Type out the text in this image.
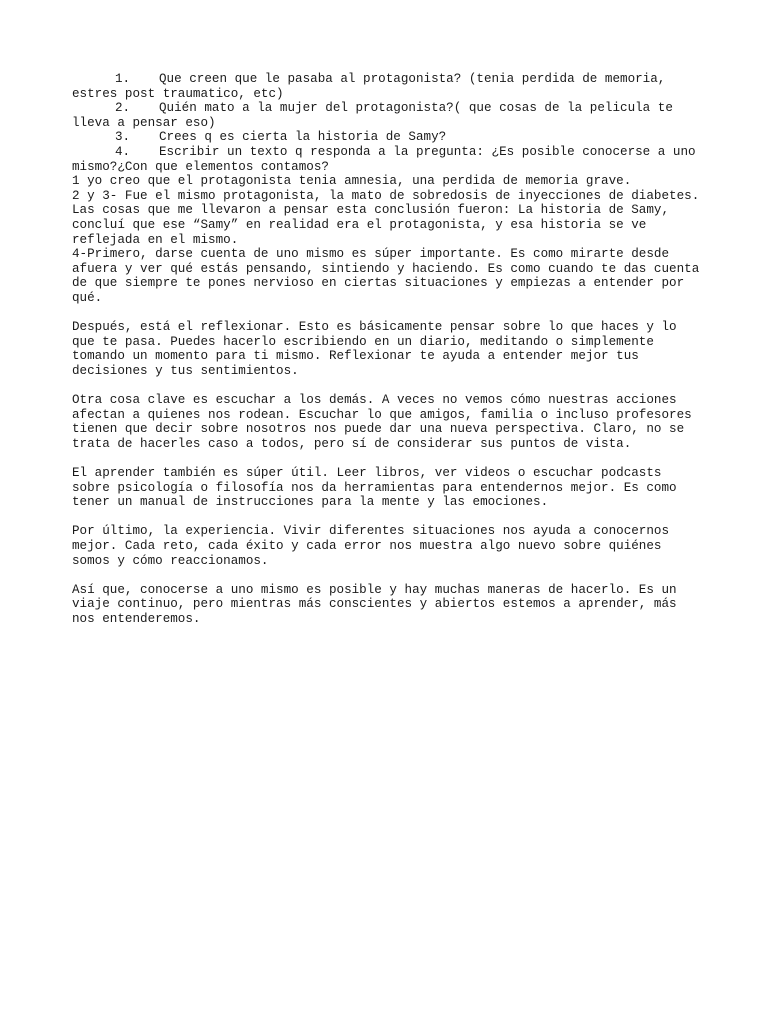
1. Que creen que le pasaba al protagonista? (tenia perdida de memoria,
estres post traumatico, etc)
2. Quién mato a la mujer del protagonista?( que cosas de la pelicula te
lleva a pensar eso)
3. Crees q es cierta la historia de Samy?
4. Escribir un texto q responda a la pregunta: ¿Es posible conocerse a uno
mismo?¿Con que elementos contamos?
1 yo creo que el protagonista tenia amnesia, una perdida de memoria grave.
2 y 3- Fue el mismo protagonista, la mato de sobredosis de inyecciones de diabetes.
Las cosas que me llevaron a pensar esta conclusión fueron: La historia de Samy,
concluí que ese “Samy” en realidad era el protagonista, y esa historia se ve
reflejada en el mismo.
4-Primero, darse cuenta de uno mismo es súper importante. Es como mirarte desde
afuera y ver qué estás pensando, sintiendo y haciendo. Es como cuando te das cuenta
de que siempre te pones nervioso en ciertas situaciones y empiezas a entender por
qué.
Después, está el reflexionar. Esto es básicamente pensar sobre lo que haces y lo
que te pasa. Puedes hacerlo escribiendo en un diario, meditando o simplemente
tomando un momento para ti mismo. Reflexionar te ayuda a entender mejor tus
decisiones y tus sentimientos.
Otra cosa clave es escuchar a los demás. A veces no vemos cómo nuestras acciones
afectan a quienes nos rodean. Escuchar lo que amigos, familia o incluso profesores
tienen que decir sobre nosotros nos puede dar una nueva perspectiva. Claro, no se
trata de hacerles caso a todos, pero sí de considerar sus puntos de vista.
El aprender también es súper útil. Leer libros, ver videos o escuchar podcasts
sobre psicología o filosofía nos da herramientas para entendernos mejor. Es como
tener un manual de instrucciones para la mente y las emociones.
Por último, la experiencia. Vivir diferentes situaciones nos ayuda a conocernos
mejor. Cada reto, cada éxito y cada error nos muestra algo nuevo sobre quiénes
somos y cómo reaccionamos.
Así que, conocerse a uno mismo es posible y hay muchas maneras de hacerlo. Es un
viaje continuo, pero mientras más conscientes y abiertos estemos a aprender, más
nos entenderemos.
